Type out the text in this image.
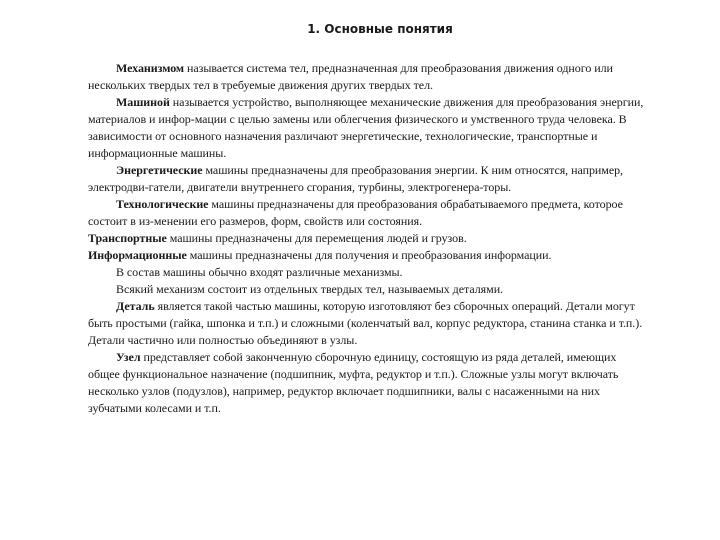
1. Основные понятия

Механизмом называется система тел, предназначенная для преобразования движения одного или нескольких твердых тел в требуемые движения других твердых тел.

Машиной называется устройство, выполняющее механические движения для преобразования энергии, материалов и инфор-мации с целью замены или облегчения физического и умственного труда человека. В зависимости от основного назначения различают энергетические, технологические, транспортные и информационные машины.

Энергетические машины предназначены для преобразования энергии. К ним относятся, например, электродви-гатели, двигатели внутреннего сгорания, турбины, электрогенера-торы.

Технологические машины предназначены для преобразования обрабатываемого предмета, которое состоит в из-менении его размеров, форм, свойств или состояния.

Транспортные машины предназначены для перемещения людей и грузов.

Информационные машины предназначены для получения и преобразования информации.

В состав машины обычно входят различные механизмы.

Всякий механизм состоит из отдельных твердых тел, называемых деталями.

Деталь является такой частью машины, которую изготовляют без сборочных операций. Детали могут быть простыми (гайка, шпонка и т.п.) и сложными (коленчатый вал, корпус редуктора, станина станка и т.п.). Детали частично или полностью объединяют в узлы.

Узел представляет собой законченную сборочную единицу, состоящую из ряда деталей, имеющих общее функциональное назначение (подшипник, муфта, редуктор и т.п.). Сложные узлы могут включать несколько узлов (подузлов), например, редуктор включает подшипники, валы с насаженными на них зубчатыми колесами и т.п.
